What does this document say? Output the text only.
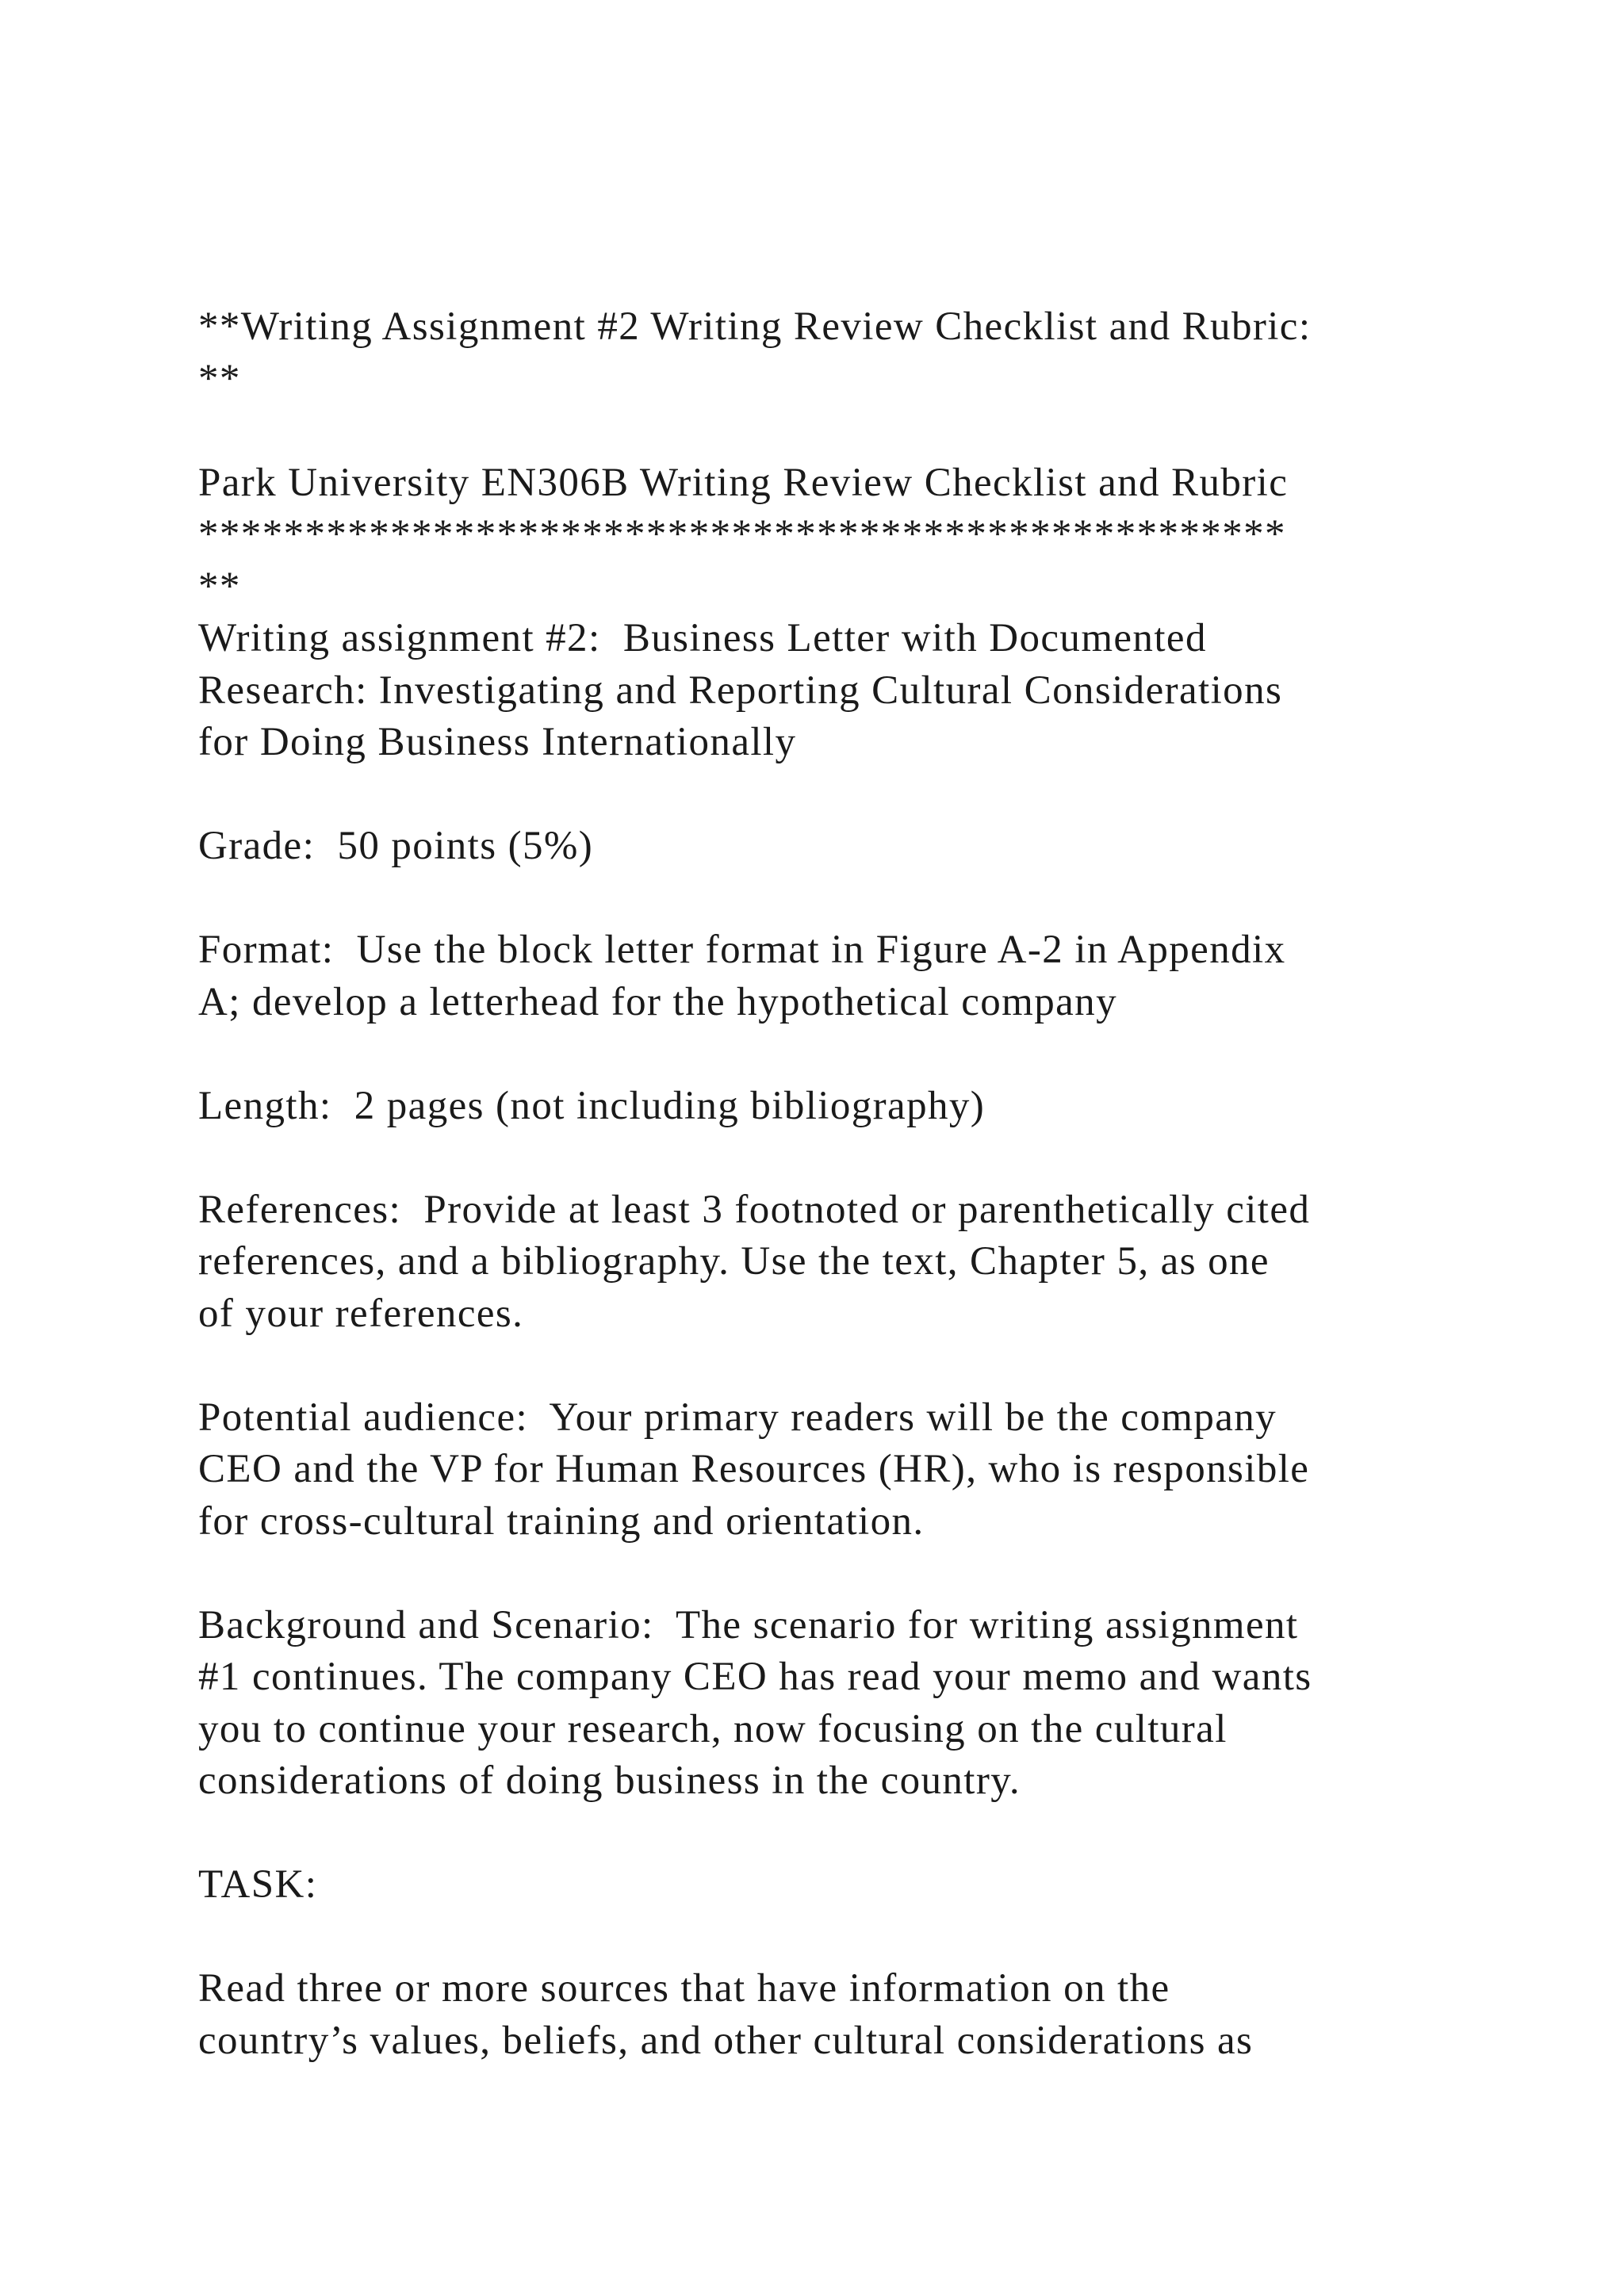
**Writing Assignment #2 Writing Review Checklist and Rubric:
**
Park University EN306B Writing Review Checklist and Rubric
***************************************************
**
Writing assignment #2:  Business Letter with Documented
Research: Investigating and Reporting Cultural Considerations
for Doing Business Internationally
Grade:  50 points (5%)
Format:  Use the block letter format in Figure A-2 in Appendix
A; develop a letterhead for the hypothetical company
Length:  2 pages (not including bibliography)
References:  Provide at least 3 footnoted or parenthetically cited
references, and a bibliography. Use the text, Chapter 5, as one
of your references.
Potential audience:  Your primary readers will be the company
CEO and the VP for Human Resources (HR), who is responsible
for cross-cultural training and orientation.
Background and Scenario:  The scenario for writing assignment
#1 continues. The company CEO has read your memo and wants
you to continue your research, now focusing on the cultural
considerations of doing business in the country.
TASK:
Read three or more sources that have information on the
country’s values, beliefs, and other cultural considerations as
